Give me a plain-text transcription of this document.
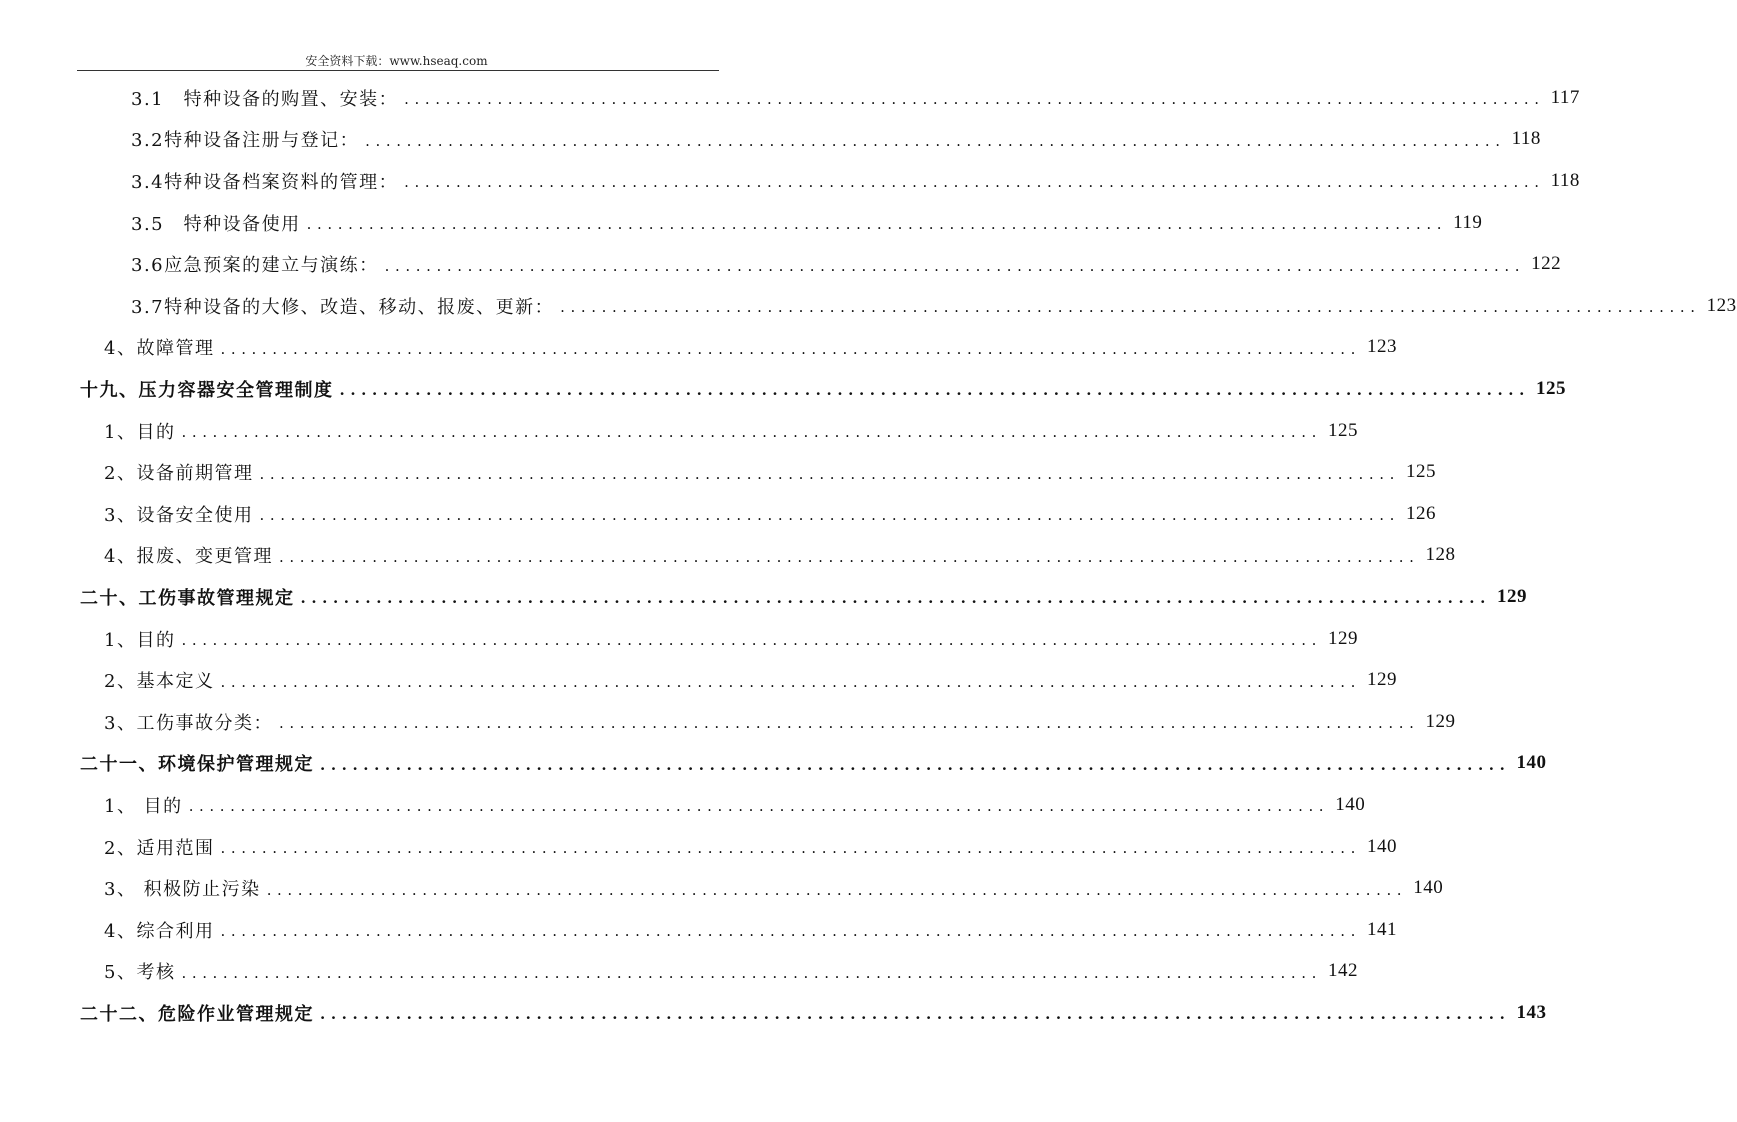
安全资料下载：www.hseaq.com
3.1　特种设备的购置、安装： .............................................................................................................. 117
3.2特种设备注册与登记： .............................................................................................................. 118
3.4特种设备档案资料的管理： .............................................................................................................. 118
3.5　特种设备使用 .............................................................................................................. 119
3.6应急预案的建立与演练： .............................................................................................................. 122
3.7特种设备的大修、改造、移动、报废、更新： .............................................................................................................. 123
4、故障管理 .............................................................................................................. 123
十九、压力容器安全管理制度 .............................................................................................................. 125
1、目的 .............................................................................................................. 125
2、设备前期管理 .............................................................................................................. 125
3、设备安全使用 .............................................................................................................. 126
4、报废、变更管理 .............................................................................................................. 128
二十、工伤事故管理规定 .............................................................................................................. 129
1、目的 .............................................................................................................. 129
2、基本定义 .............................................................................................................. 129
3、工伤事故分类： .............................................................................................................. 129
二十一、环境保护管理规定 .............................................................................................................. 140
1、 目的 .............................................................................................................. 140
2、适用范围 .............................................................................................................. 140
3、 积极防止污染 .............................................................................................................. 140
4、综合利用 .............................................................................................................. 141
5、考核 .............................................................................................................. 142
二十二、危险作业管理规定 .............................................................................................................. 143
